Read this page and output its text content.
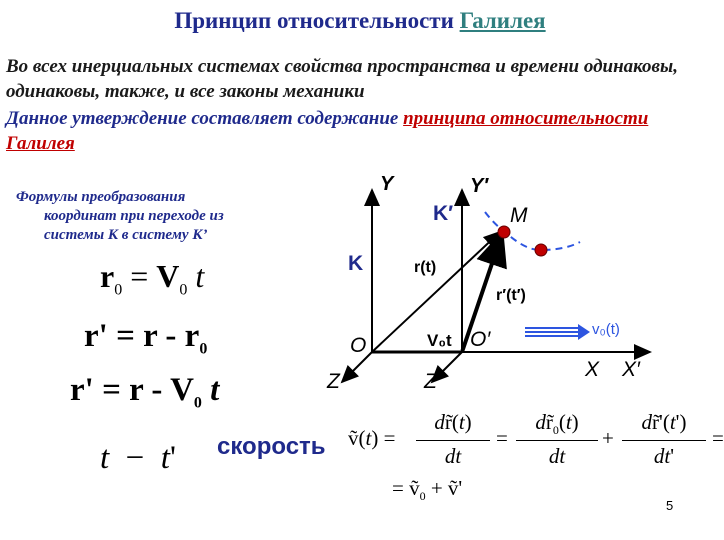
Принцип относительности Галилея
Во всех инерциальных системах свойства пространства и времени одинаковы, одинаковы, также, и все законы механики
Данное утверждение составляет содержание принципа относительности Галилея
Формулы преобразования
координат при переходе из
системы К в систему К’
$r_0 = V_0$ t
$r' = r - r_0$
$r' = r - V_0$ t
t  −  t' скорость ṽ(t) =
dr̃(t)
dt
=
$dr̃_0(t)$
dt
+
dr̃'(t')
dt'
=
= $ṽ_0$ + ṽ'
5
Y	Y′
K′	M
K	r(t)
r′(t′)
V₀t
O	O′	v₀(t)
Z	Z′
X X′
